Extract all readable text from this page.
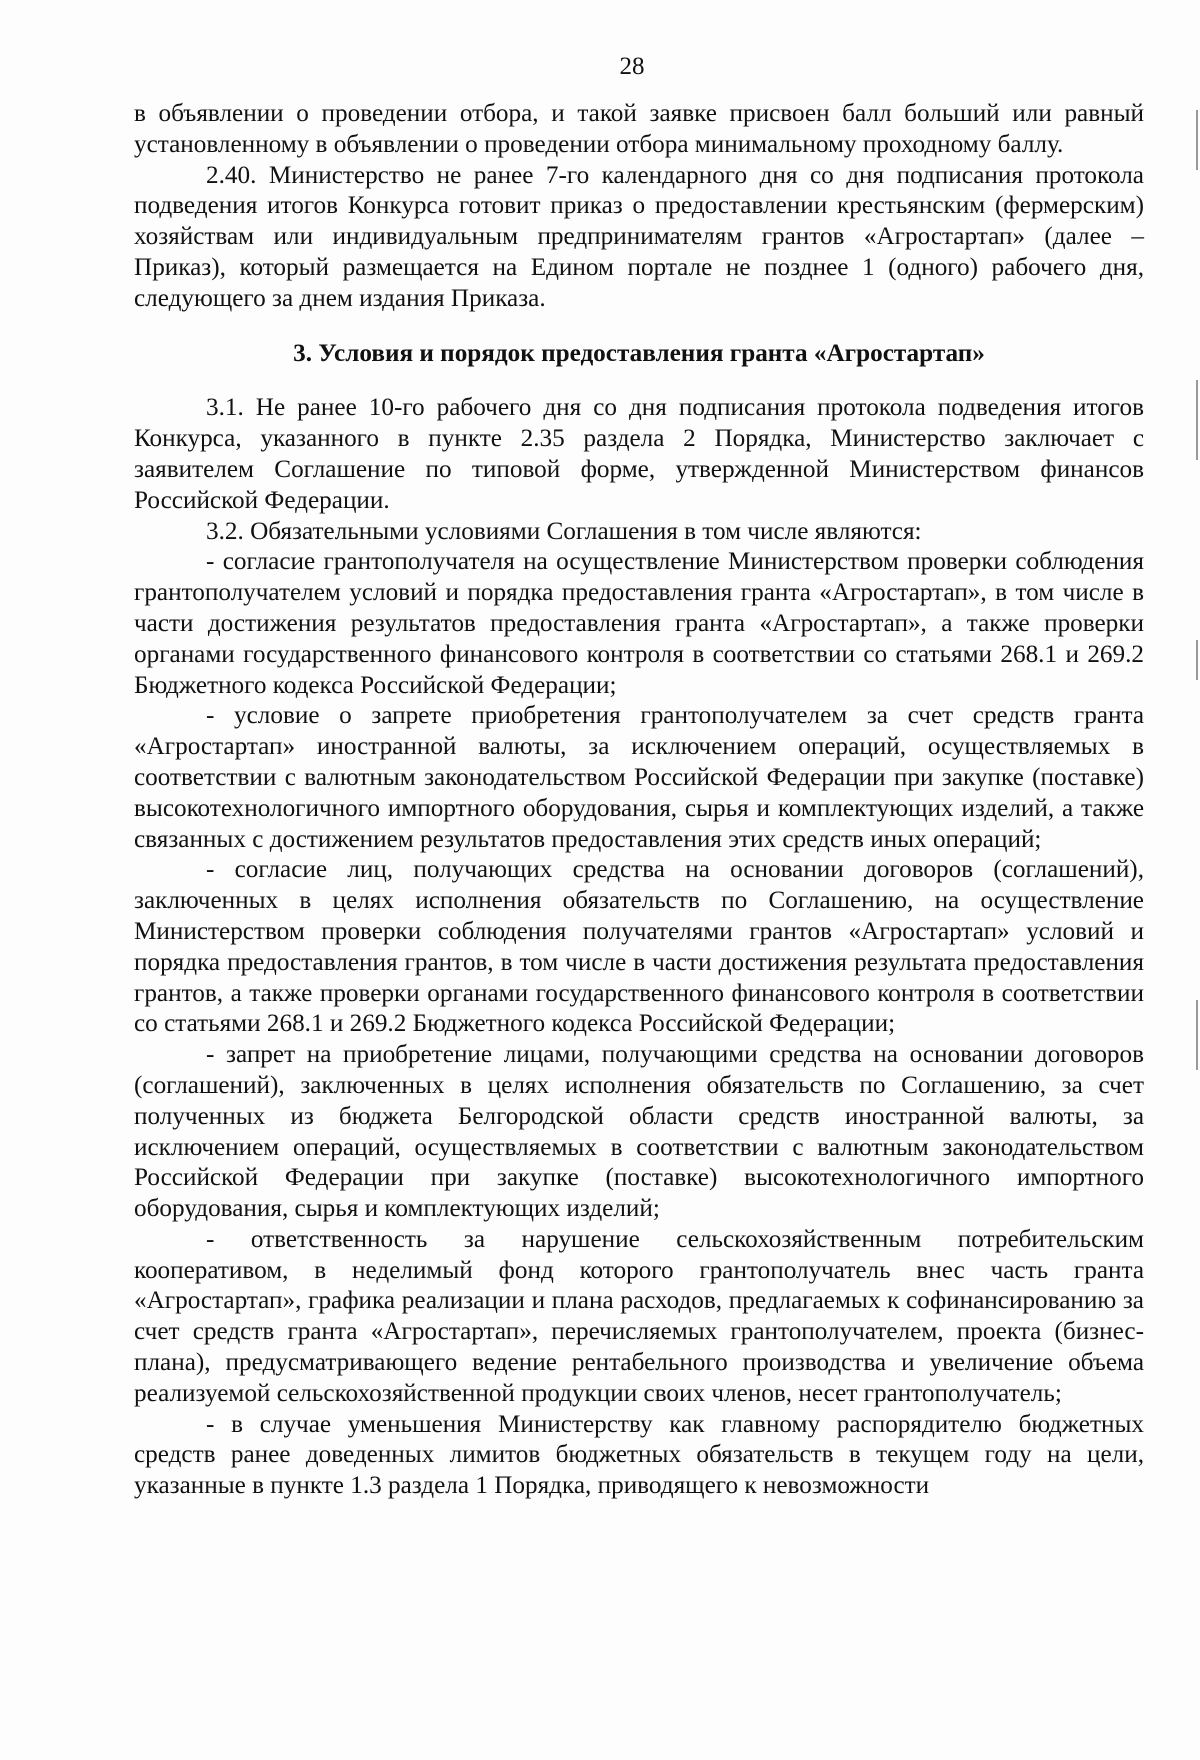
28

в объявлении о проведении отбора, и такой заявке присвоен балл больший или равный установленному в объявлении о проведении отбора минимальному проходному баллу.

2.40. Министерство не ранее 7-го календарного дня со дня подписания протокола подведения итогов Конкурса готовит приказ о предоставлении крестьянским (фермерским) хозяйствам или индивидуальным предпринимателям грантов «Агростартап» (далее – Приказ), который размещается на Едином портале не позднее 1 (одного) рабочего дня, следующего за днем издания Приказа.

3. Условия и порядок предоставления гранта «Агростартап»

3.1. Не ранее 10-го рабочего дня со дня подписания протокола подведения итогов Конкурса, указанного в пункте 2.35 раздела 2 Порядка, Министерство заключает с заявителем Соглашение по типовой форме, утвержденной Министерством финансов Российской Федерации.

3.2. Обязательными условиями Соглашения в том числе являются:

- согласие грантополучателя на осуществление Министерством проверки соблюдения грантополучателем условий и порядка предоставления гранта «Агростартап», в том числе в части достижения результатов предоставления гранта «Агростартап», а также проверки органами государственного финансового контроля в соответствии со статьями 268.1 и 269.2 Бюджетного кодекса Российской Федерации;

- условие о запрете приобретения грантополучателем за счет средств гранта «Агростартап» иностранной валюты, за исключением операций, осуществляемых в соответствии с валютным законодательством Российской Федерации при закупке (поставке) высокотехнологичного импортного оборудования, сырья и комплектующих изделий, а также связанных с достижением результатов предоставления этих средств иных операций;

- согласие лиц, получающих средства на основании договоров (соглашений), заключенных в целях исполнения обязательств по Соглашению, на осуществление Министерством проверки соблюдения получателями грантов «Агростартап» условий и порядка предоставления грантов, в том числе в части достижения результата предоставления грантов, а также проверки органами государственного финансового контроля в соответствии со статьями 268.1 и 269.2 Бюджетного кодекса Российской Федерации;

- запрет на приобретение лицами, получающими средства на основании договоров (соглашений), заключенных в целях исполнения обязательств по Соглашению, за счет полученных из бюджета Белгородской области средств иностранной валюты, за исключением операций, осуществляемых в соответствии с валютным законодательством Российской Федерации при закупке (поставке) высокотехнологичного импортного оборудования, сырья и комплектующих изделий;

- ответственность за нарушение сельскохозяйственным потребительским кооперативом, в неделимый фонд которого грантополучатель внес часть гранта «Агростартап», графика реализации и плана расходов, предлагаемых к софинансированию за счет средств гранта «Агростартап», перечисляемых грантополучателем, проекта (бизнес-плана), предусматривающего ведение рентабельного производства и увеличение объема реализуемой сельскохозяйственной продукции своих членов, несет грантополучатель;

- в случае уменьшения Министерству как главному распорядителю бюджетных средств ранее доведенных лимитов бюджетных обязательств в текущем году на цели, указанные в пункте 1.3 раздела 1 Порядка, приводящего к невозможности
